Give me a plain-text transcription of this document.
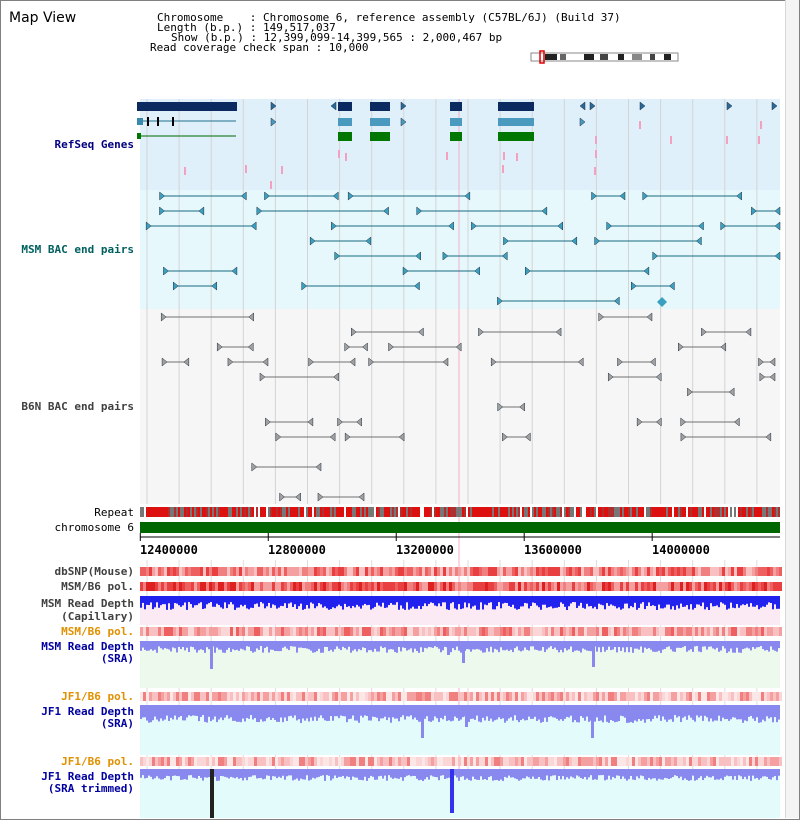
Map View	Chromosome    : Chromosome 6, reference assembly (C57BL/6J) (Build 37)
Length (b.p.) : 149,517,037
Show (b.p.) : 12,399,099-14,399,565 : 2,000,467 bp
Read coverage check span : 10,000
RefSeq Genes
MSM BAC end pairs
B6N BAC end pairs
Repeat
chromosome 6
12400000	12800000	13200000	13600000	14000000
dbSNP(Mouse)
MSM/B6 pol.
MSM Read Depth
(Capillary)
MSM/B6 pol.
MSM Read Depth
(SRA)
JF1/B6 pol.
JF1 Read Depth
(SRA)
JF1/B6 pol.
JF1 Read Depth
(SRA trimmed)
